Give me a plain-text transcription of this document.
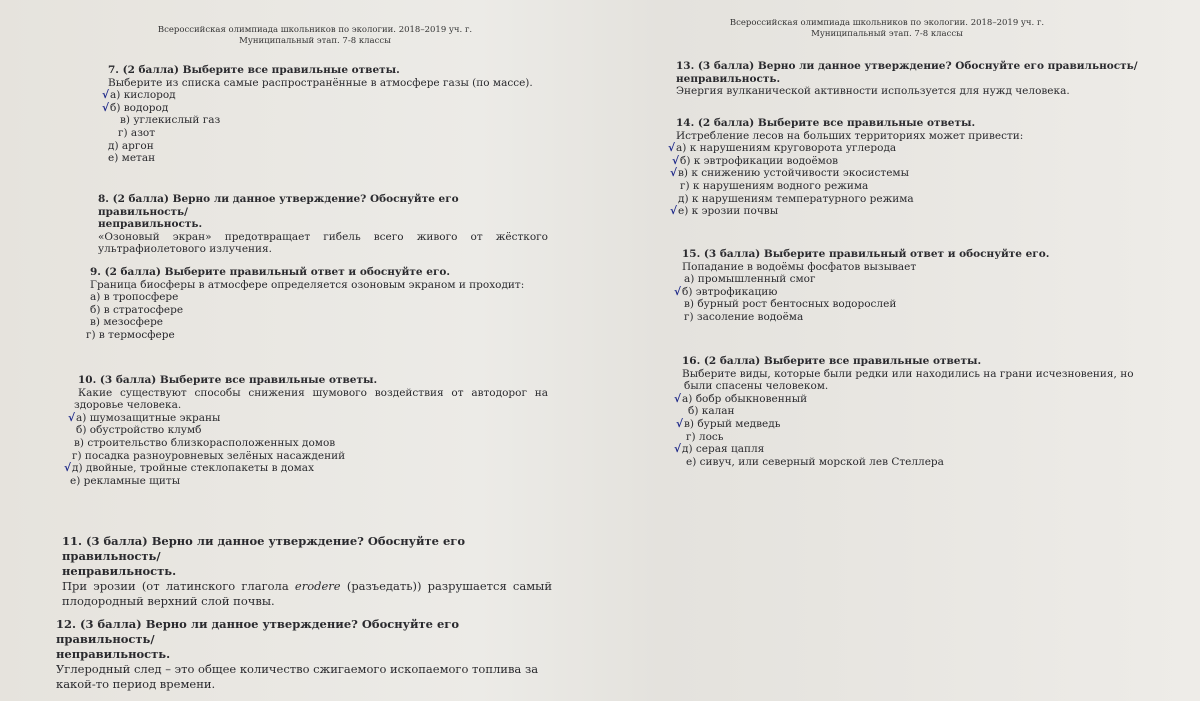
Всероссийская олимпиада школьников по экологии. 2018–2019 уч. г. Муниципальный этап. 7-8 классы
7. (2 балла) Выберите все правильные ответы.
Выберите из списка самые распространённые в атмосфере газы (по массе).
√а) кислород
√б) водород
в) углекислый газ
г) азот
д) аргон
е) метан
8. (2 балла) Верно ли данное утверждение? Обоснуйте его правильность/
неправильность.
«Озоновый экран» предотвращает гибель всего живого от жёсткого
ультрафиолетового излучения.
9. (2 балла) Выберите правильный ответ и обоснуйте его.
Граница биосферы в атмосфере определяется озоновым экраном и проходит:
а) в тропосфере
б) в стратосфере
в) мезосфере
г) в термосфере
10. (3 балла) Выберите все правильные ответы.
Какие существуют способы снижения шумового воздействия от автодорог на
здоровье человека.
√а) шумозащитные экраны
б) обустройство клумб
в) строительство близкорасположенных домов
г) посадка разноуровневых зелёных насаждений
√д) двойные, тройные стеклопакеты в домах
е) рекламные щиты
11. (3 балла) Верно ли данное утверждение? Обоснуйте его правильность/
неправильность.
При эрозии (от латинского глагола erodere (разъедать)) разрушается самый
плодородный верхний слой почвы.
12. (3 балла) Верно ли данное утверждение? Обоснуйте его правильность/
неправильность.
Углеродный след – это общее количество сжигаемого ископаемого топлива за
какой-то период времени.
Всероссийская олимпиада школьников по экологии. 2018–2019 уч. г. Муниципальный этап. 7-8 классы
13. (3 балла) Верно ли данное утверждение? Обоснуйте его правильность/
неправильность.
Энергия вулканической активности используется для нужд человека.
14. (2 балла) Выберите все правильные ответы.
Истребление лесов на больших территориях может привести:
√а) к нарушениям круговорота углерода
√б) к эвтрофикации водоёмов
√в) к снижению устойчивости экосистемы
г) к нарушениям водного режима
д) к нарушениям температурного режима
√е) к эрозии почвы
15. (3 балла) Выберите правильный ответ и обоснуйте его.
Попадание в водоёмы фосфатов вызывает
а) промышленный смог
√б) эвтрофикацию
в) бурный рост бентосных водорослей
г) засоление водоёма
16. (2 балла) Выберите все правильные ответы.
Выберите виды, которые были редки или находились на грани исчезновения, но
были спасены человеком.
√а) бобр обыкновенный
б) калан
√в) бурый медведь
г) лось
√д) серая цапля
е) сивуч, или северный морской лев Стеллера
